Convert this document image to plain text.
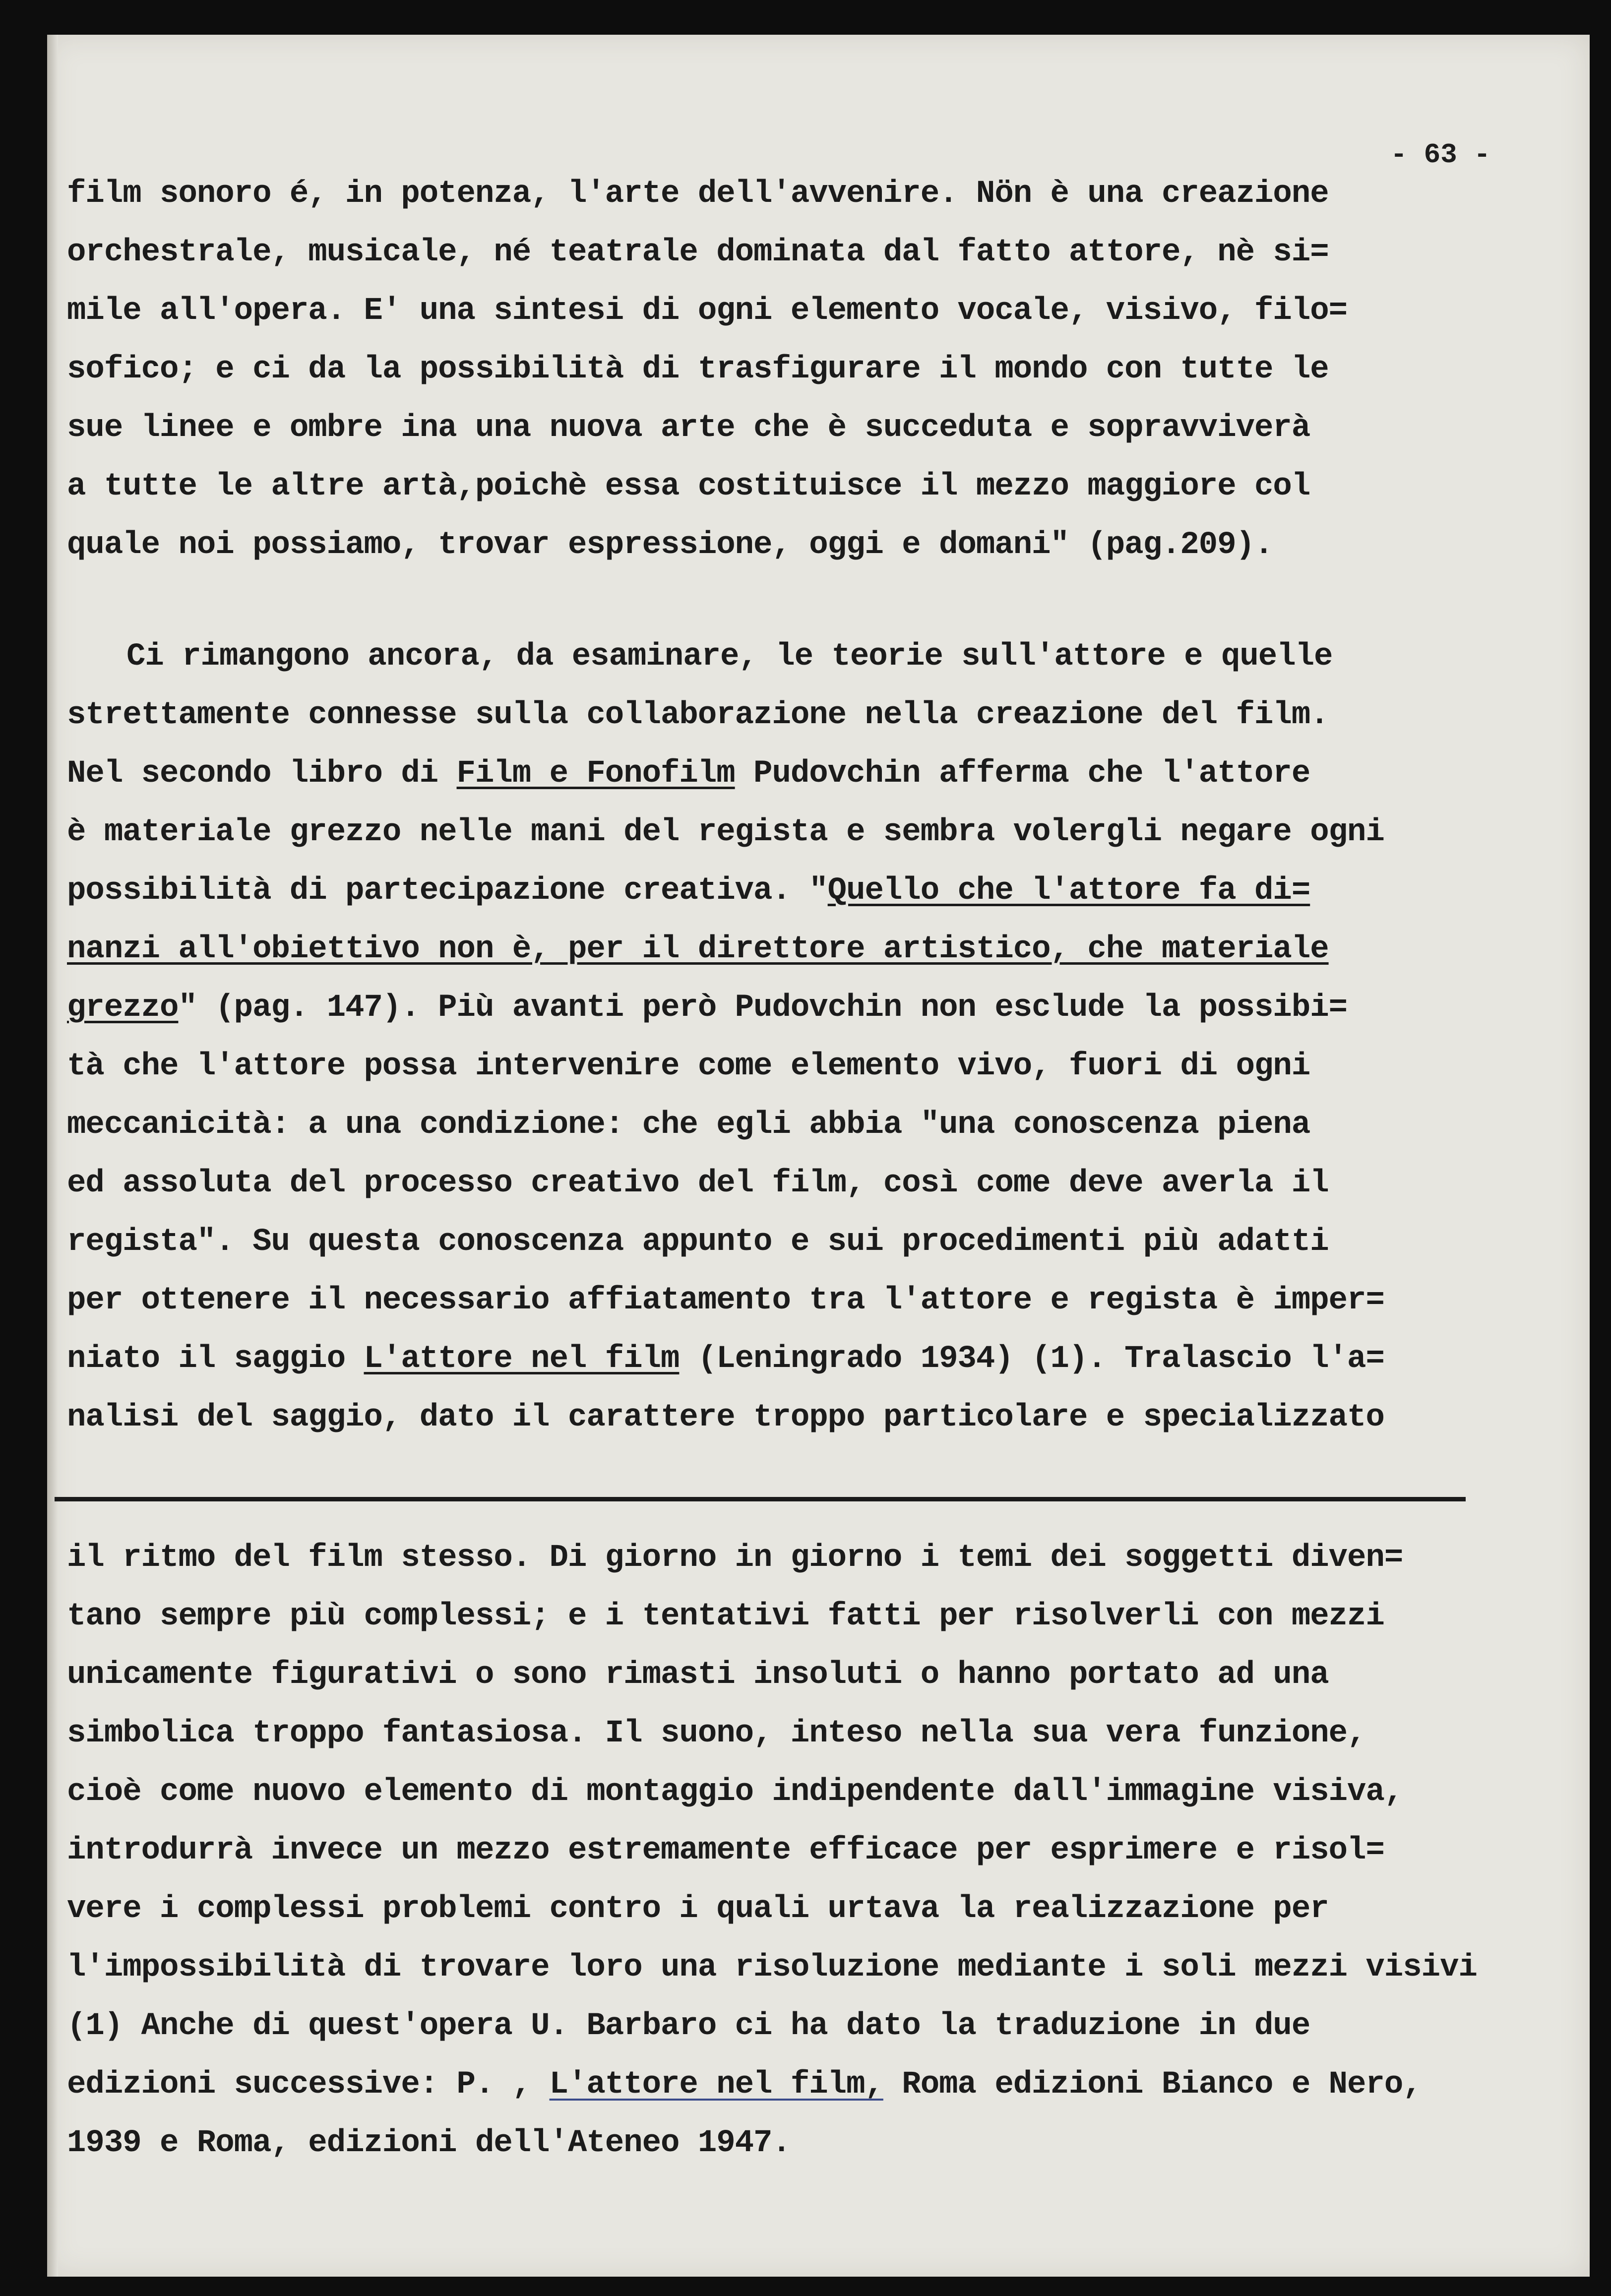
- 63 -
film sonoro é, in potenza, l'arte dell'avvenire. Nön è una creazione
orchestrale, musicale, né teatrale dominata dal fatto attore, nè si=
mile all'opera. E' una sintesi di ogni elemento vocale, visivo, filo=
sofico; e ci da la possibilità di trasfigurare il mondo con tutte le
sue linee e ombre ina una nuova arte che è succeduta e sopravviverà
a tutte le altre artà,poichè essa costituisce il mezzo maggiore col
quale noi possiamo, trovar espressione, oggi e domani" (pag.209).
Ci rimangono ancora, da esaminare, le teorie sull'attore e quelle
strettamente connesse sulla collaborazione nella creazione del film.
Nel secondo libro di Film e Fonofilm Pudovchin afferma che l'attore
è materiale grezzo nelle mani del regista e sembra volergli negare ogni
possibilità di partecipazione creativa. "Quello che l'attore fa di=
nanzi all'obiettivo non è, per il direttore artistico, che materiale
grezzo" (pag. 147). Più avanti però Pudovchin non esclude la possibi=
tà che l'attore possa intervenire come elemento vivo, fuori di ogni
meccanicità: a una condizione: che egli abbia "una conoscenza piena
ed assoluta del processo creativo del film, così come deve averla il
regista". Su questa conoscenza appunto e sui procedimenti più adatti
per ottenere il necessario affiatamento tra l'attore e regista è imper=
niato il saggio L'attore nel film (Leningrado 1934) (1). Tralascio l'a=
nalisi del saggio, dato il carattere troppo particolare e specializzato
il ritmo del film stesso. Di giorno in giorno i temi dei soggetti diven=
tano sempre più complessi; e i tentativi fatti per risolverli con mezzi
unicamente figurativi o sono rimasti insoluti o hanno portato ad una
simbolica troppo fantasiosa. Il suono, inteso nella sua vera funzione,
cioè come nuovo elemento di montaggio indipendente dall'immagine visiva,
introdurrà invece un mezzo estremamente efficace per esprimere e risol=
vere i complessi problemi contro i quali urtava la realizzazione per
l'impossibilità di trovare loro una risoluzione mediante i soli mezzi visivi
(1) Anche di quest'opera U. Barbaro ci ha dato la traduzione in due
edizioni successive: P. , L'attore nel film, Roma edizioni Bianco e Nero,
1939 e Roma, edizioni dell'Ateneo 1947.
